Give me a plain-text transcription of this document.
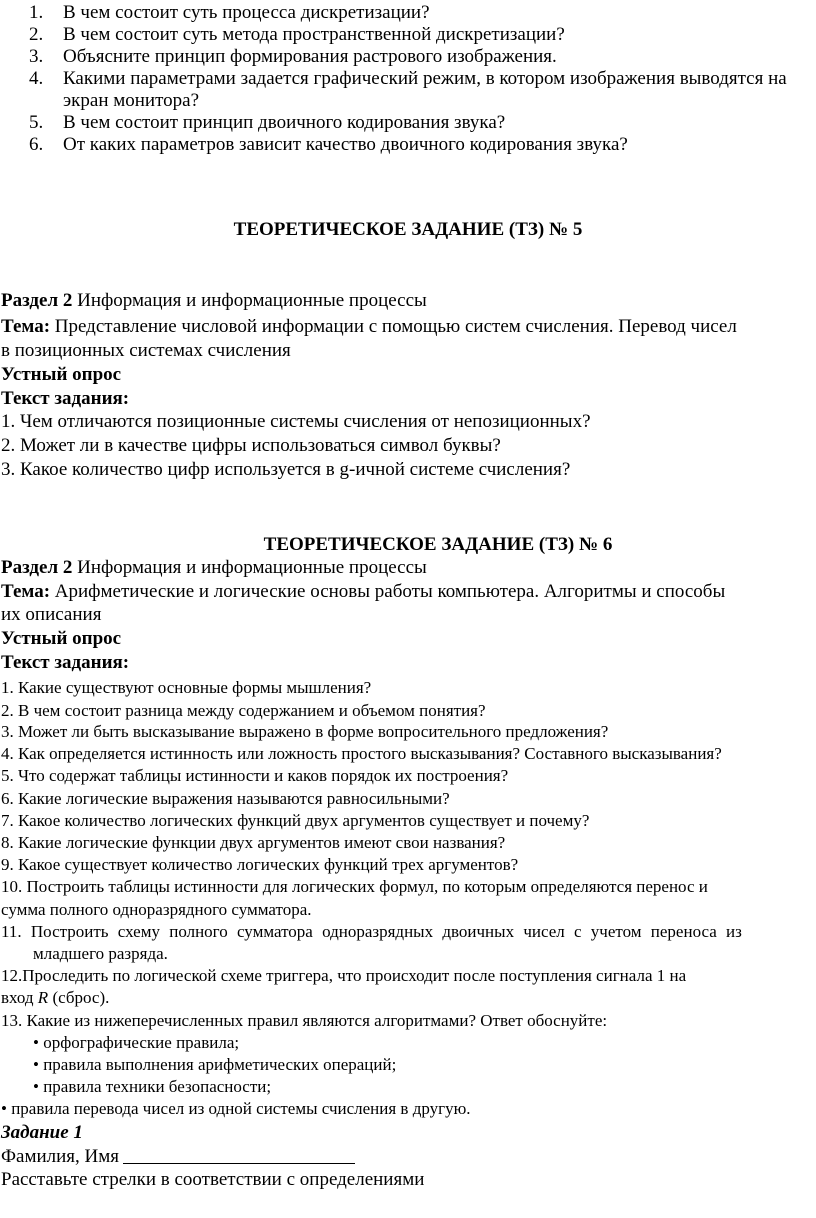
1.	В чем состоит суть процесса дискретизации?
2.	В чем состоит суть метода пространственной дискретизации?
3.	Объясните принцип формирования растрового изображения.
4.	Какими параметрами задается графический режим, в котором изображения выводятся на экран монитора?
5.	В чем состоит принцип двоичного кодирования звука?
6.	От каких параметров зависит качество двоичного кодирования звука?
ТЕОРЕТИЧЕСКОЕ ЗАДАНИЕ (ТЗ) № 5
Раздел 2 Информация и информационные процессы
Тема: Представление числовой информации с помощью систем счисления. Перевод чисел
в позиционных системах счисления
Устный опрос
Текст задания:
1. Чем отличаются позиционные системы счисления от непозиционных?
2. Может ли в качестве цифры использоваться символ буквы?
3. Какое количество цифр используется в g-ичной системе счисления?
ТЕОРЕТИЧЕСКОЕ ЗАДАНИЕ (ТЗ) № 6
Раздел 2 Информация и информационные процессы
Тема: Арифметические и логические основы работы компьютера. Алгоритмы и способы
их описания
Устный опрос
Текст задания:
1. Какие существуют основные формы мышления?
2. В чем состоит разница между содержанием и объемом понятия?
3. Может ли быть высказывание выражено в форме вопросительного предложения?
4. Как определяется истинность или ложность простого высказывания? Составного высказывания?
5. Что содержат таблицы истинности и каков порядок их построения?
6. Какие логические выражения называются равносильными?
7. Какое количество логических функций двух аргументов существует и почему?
8. Какие логические функции двух аргументов имеют свои названия?
9. Какое существует количество логических функций трех аргументов?
10. Построить таблицы истинности для логических формул, по которым определяются перенос и
сумма полного одноразрядного сумматора.
11. Построить схему полного сумматора одноразрядных двоичных чисел с учетом переноса из
младшего разряда.
12.Проследить по логической схеме триггера, что происходит после поступления сигнала 1 на
вход R (сброс).
13. Какие из нижеперечисленных правил являются алгоритмами? Ответ обоснуйте:
• орфографические правила;
• правила выполнения арифметических операций;
• правила техники безопасности;
• правила перевода чисел из одной системы счисления в другую.
Задание 1
Фамилия, Имя
Расставьте стрелки в соответствии с определениями
